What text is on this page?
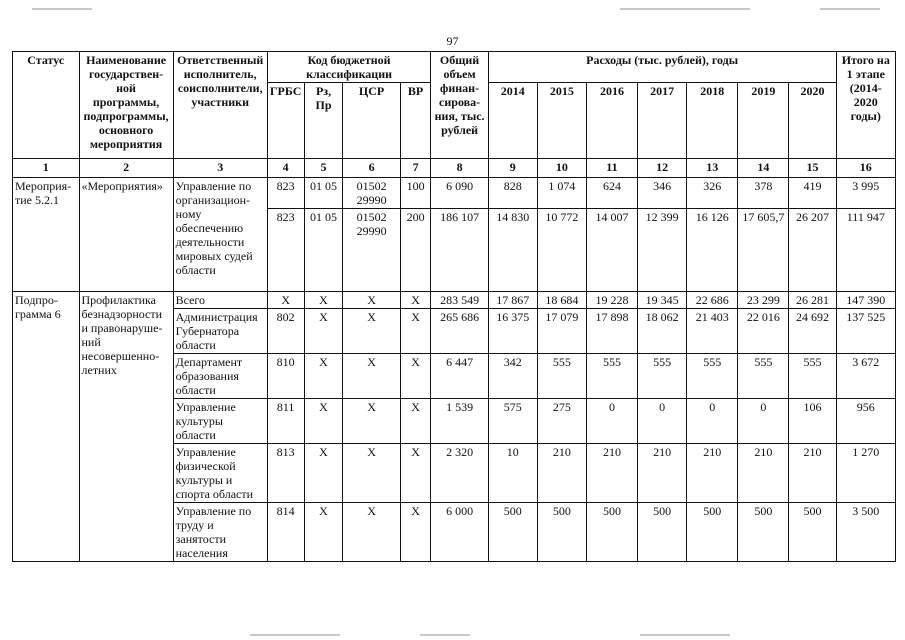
97
Статус	Наименование государствен-ной программы, подпрограммы, основного мероприятия	Ответственный исполнитель, соисполнители, участники	Код бюджетной классификации				Общий объем финан-сирова-ния, тыс. рублей	Расходы (тыс. рублей), годы							Итого на 1 этапе (2014-2020 годы)
			ГРБС	Рз, Пр	ЦСР	ВР		2014	2015	2016	2017	2018	2019	2020	
1	2	3	4	5	6	7	8	9	10	11	12	13	14	15	16
Мероприя-тие 5.2.1	«Мероприятия»	Управление по организацион-ному обеспечению деятельности мировых судей области	823	01 05	01502 29990	100	6 090	828	1 074	624	346	326	378	419	3 995
			823	01 05	01502 29990	200	186 107	14 830	10 772	14 007	12 399	16 126	17 605,7	26 207	111 947
Подпро-грамма 6	Профилактика безнадзорности и правонаруше-ний несовершенно-летних	Всего	X	X	X	X	283 549	17 867	18 684	19 228	19 345	22 686	23 299	26 281	147 390
		Администрация Губернатора области	802	X	X	X	265 686	16 375	17 079	17 898	18 062	21 403	22 016	24 692	137 525
		Департамент образования области	810	X	X	X	6 447	342	555	555	555	555	555	555	3 672
		Управление культуры области	811	X	X	X	1 539	575	275	0	0	0	0	106	956
		Управление физической культуры и спорта области	813	X	X	X	2 320	10	210	210	210	210	210	210	1 270
		Управление по труду и занятости населения	814	X	X	X	6 000	500	500	500	500	500	500	500	3 500
